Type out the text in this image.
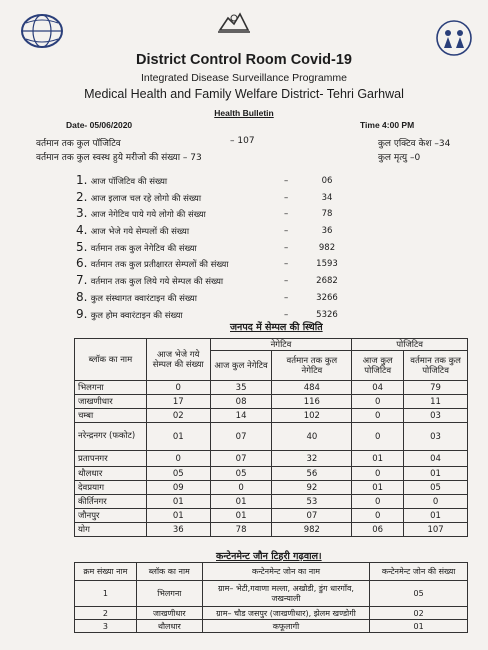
District Control Room Covid-19
Integrated Disease Surveillance Programme
Medical Health and Family Welfare District- Tehri Garhwal
Health Bulletin
Date- 05/06/2020	Time 4:00 PM
वर्तमान तक कुल पॉजिटिव	– 107
वर्तमान तक कुल स्वस्थ हुये मरीजो की संख्या – 73
कुल एक्टिव केश –34
कुल मृत्यु –0
1. आज पॉजिटिव की संख्या	–	06
2. आज इलाज चल रहे लोगो की संख्या	–	34
3. आज नेगेटिव पाये गये लोगो की संख्या	–	78
4. आज भेजे गये सेम्पलों की संख्या	–	36
5. वर्तमान तक कुल नेगेटिव की संख्या	–	982
6. वर्तमान तक कुल प्रतीक्षारत सेम्पलों की संख्या	–	1593
7. वर्तमान तक कुल लिये गये सेम्पल की संख्या	–	2682
8. कुल संस्थागत क्वारंटाइन की संख्या	–	3266
9. कुल होम क्वारंटाइन की संख्या	–	5326
जनपद में सेम्पल की स्थिति
ब्लॉक का नाम	आज भेजे गये सेम्पल की संख्या	नेगेटिव		पोजिटिव	
		आज कुल नेगेटिव	वर्तमान तक कुल नेगेटिव	आज कुल पोजिटिव	वर्तमान तक कुल पोजिटिव
भिलगना	0	35	484	04	79
जाखणीधार	17	08	116	0	11
चम्बा	02	14	102	0	03
नरेन्द्रनगर (फकोट)	01	07	40	0	03
प्रतापनगर	0	07	32	01	04
थौलधार	05	05	56	0	01
देवप्रयाग	09	0	92	01	05
कीर्तिनगर	01	01	53	0	0
जौनपुर	01	01	07	0	01
योग	36	78	982	06	107
कन्टेनमेन्ट जौन टिहरी गढ़वाल।
क्रम संख्या नाम	ब्लॉक का नाम	कन्टेनमेन्ट जोन का नाम	कन्टेनमेन्ट जोन की संख्या
1	भिलगना	ग्राम– भेटी,गवाणा मल्ला, अखोडी, डुंग धारगाँव, जखन्याली	05
2	जाखणीधार	ग्राम– चौड जसपुर (जाखणीधार), झेलम खण्डोगी	02
3	थौलधार	कफूलागी	01
